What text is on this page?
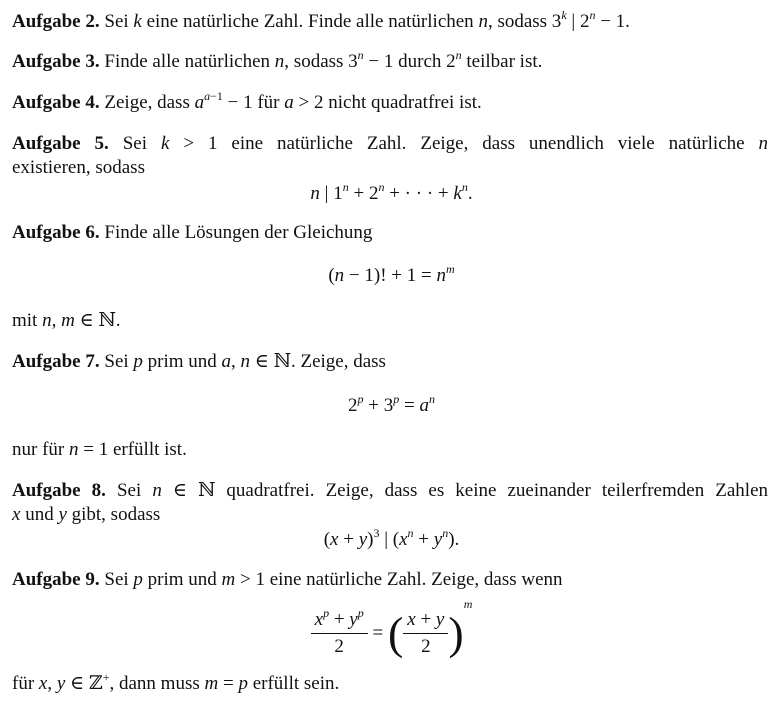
Aufgabe 2. Sei k eine natürliche Zahl. Finde alle natürlichen n, sodass 3$^k$ | $2^n - 1$.
Aufgabe 3. Finde alle natürlichen n, sodass $3^n - 1$ durch 2$^n$ teilbar ist.
Aufgabe 4. Zeige, dass $a^{a-1} - 1$ für a > 2 nicht quadratfrei ist.
Aufgabe 5. Sei k > 1 eine natürliche Zahl. Zeige, dass unendlich viele natürliche n
existieren, sodass
n | $1^n + 2^n$ + · · · + $k^n$.
Aufgabe 6. Finde alle Lösungen der Gleichung
(n − 1)! + $1 = n^m$
mit n, m ∈ ℕ.
Aufgabe 7. Sei p prim und a, n ∈ ℕ. Zeige, dass
$2^p + 3^p = a^n$
nur für n = 1 erfüllt ist.
Aufgabe 8. Sei n ∈ ℕ quadratfrei. Zeige, dass es keine zueinander teilerfremden Zahlen
x und y gibt, sodass
$(x + y)^3$ | $(x^n + y^n)$.
Aufgabe 9. Sei p prim und m > 1 eine natürliche Zahl. Zeige, dass wenn
$\frac{x^p + y^p}{2}$ = ( $\frac{x + y}{2} )^m$
für x, y ∈ ℤ+, dann muss m = p erfüllt sein.
